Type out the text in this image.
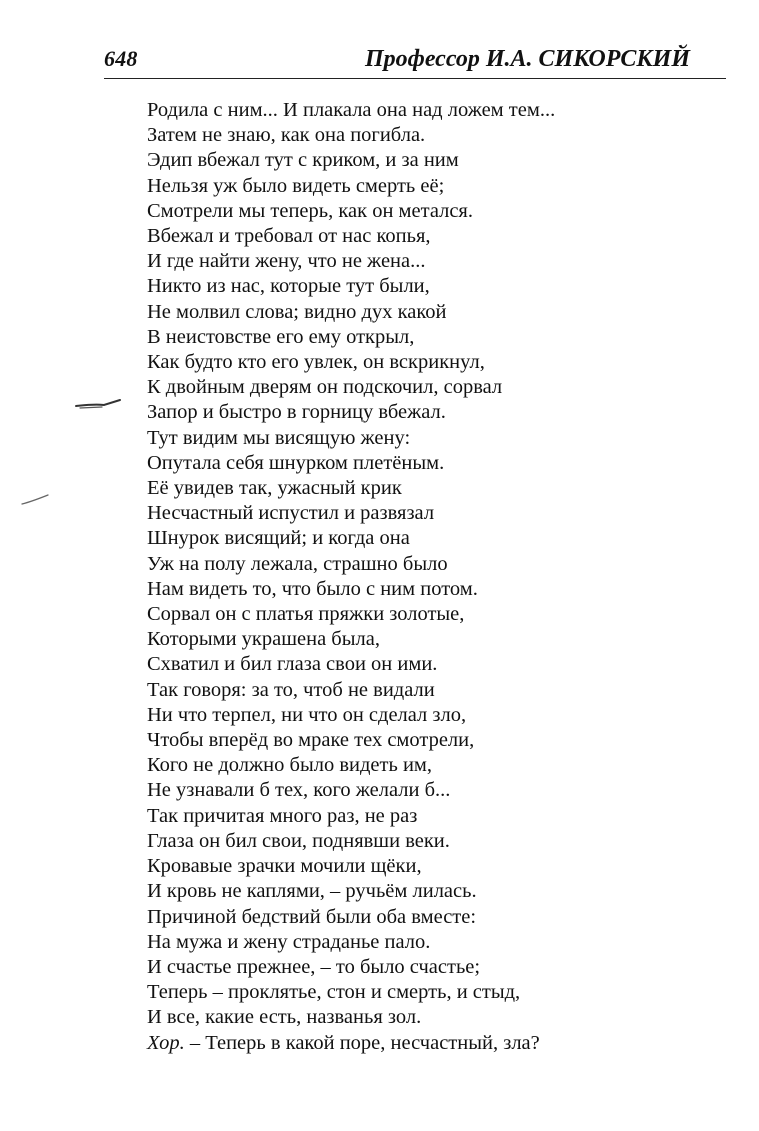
648	Профессор И.А. СИКОРСКИЙ
Родила с ним... И плакала она над ложем тем...
Затем не знаю, как она погибла.
Эдип вбежал тут с криком, и за ним
Нельзя уж было видеть смерть её;
Смотрели мы теперь, как он метался.
Вбежал и требовал от нас копья,
И где найти жену, что не жена...
Никто из нас, которые тут были,
Не молвил слова; видно дух какой
В неистовстве его ему открыл,
Как будто кто его увлек, он вскрикнул,
К двойным дверям он подскочил, сорвал
Запор и быстро в горницу вбежал.
Тут видим мы висящую жену:
Опутала себя шнурком плетёным.
Её увидев так, ужасный крик
Несчастный испустил и развязал
Шнурок висящий; и когда она
Уж на полу лежала, страшно было
Нам видеть то, что было с ним потом.
Сорвал он с платья пряжки золотые,
Которыми украшена была,
Схватил и бил глаза свои он ими.
Так говоря: за то, чтоб не видали
Ни что терпел, ни что он сделал зло,
Чтобы вперёд во мраке тех смотрели,
Кого не должно было видеть им,
Не узнавали б тех, кого желали б...
Так причитая много раз, не раз
Глаза он бил свои, поднявши веки.
Кровавые зрачки мочили щёки,
И кровь не каплями, – ручьём лилась.
Причиной бедствий были оба вместе:
На мужа и жену страданье пало.
И счастье прежнее, – то было счастье;
Теперь – проклятье, стон и смерть, и стыд,
И все, какие есть, названья зол.
Хор. – Теперь в какой поре, несчастный, зла?
